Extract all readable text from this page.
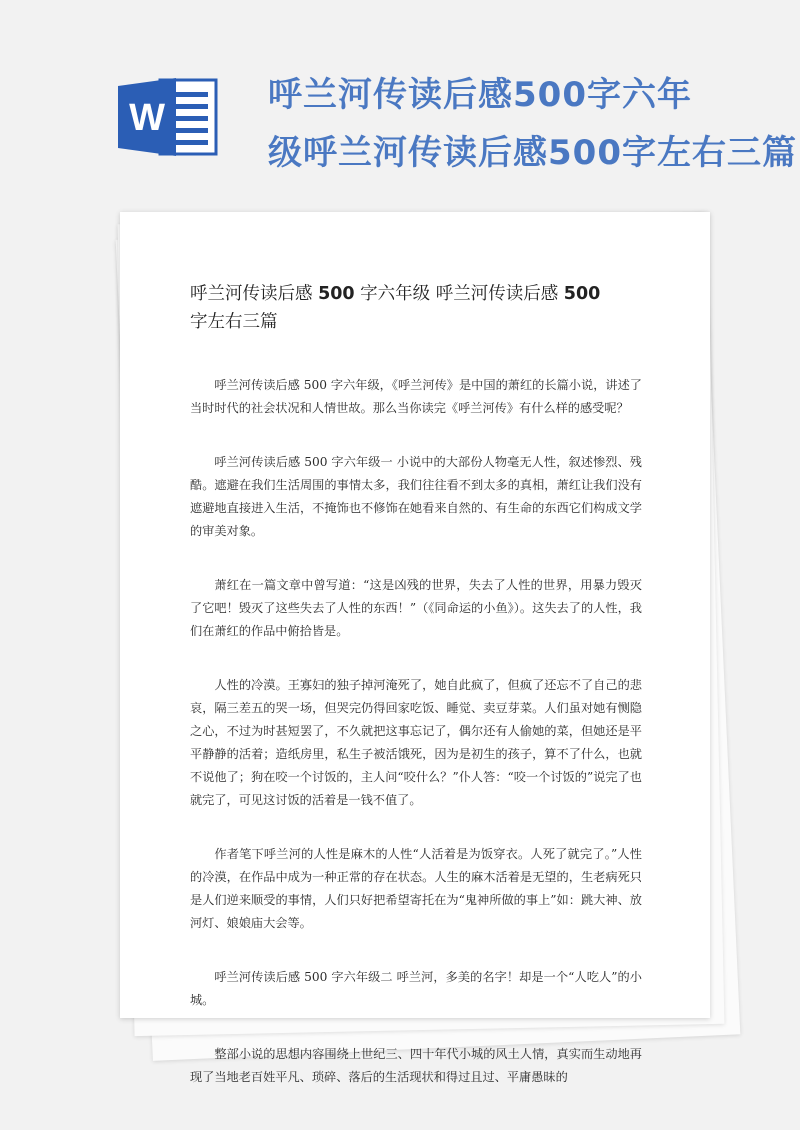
W
呼兰河传读后感500字六年
级呼兰河传读后感500字左右三篇
呼兰河传读后感 500 字六年级 呼兰河传读后感 500
字左右三篇

呼兰河传读后感 500 字六年级，《呼兰河传》是中国的萧红的长篇小说，讲述了当时时代的社会状况和人情世故。那么当你读完《呼兰河传》有什么样的感受呢？

呼兰河传读后感 500 字六年级一 小说中的大部份人物毫无人性，叙述惨烈、残酷。遮避在我们生活周围的事情太多，我们往往看不到太多的真相，萧红让我们没有遮避地直接进入生活，不掩饰也不修饰在她看来自然的、有生命的东西它们构成文学的审美对象。

萧红在一篇文章中曾写道：“这是凶残的世界，失去了人性的世界，用暴力毁灭了它吧！毁灭了这些失去了人性的东西！”（《同命运的小鱼》）。这失去了的人性，我们在萧红的作品中俯拾皆是。

人性的冷漠。王寡妇的独子掉河淹死了，她自此疯了，但疯了还忘不了自己的悲哀，隔三差五的哭一场，但哭完仍得回家吃饭、睡觉、卖豆芽菜。人们虽对她有恻隐之心，不过为时甚短罢了，不久就把这事忘记了，偶尔还有人偷她的菜，但她还是平平静静的活着；造纸房里，私生子被活饿死，因为是初生的孩子，算不了什么，也就不说他了；狗在咬一个讨饭的，主人问“咬什么？”仆人答：“咬一个讨饭的”说完了也就完了，可见这讨饭的活着是一钱不值了。

作者笔下呼兰河的人性是麻木的人性“人活着是为饭穿衣。人死了就完了。”人性的冷漠，在作品中成为一种正常的存在状态。人生的麻木活着是无望的，生老病死只是人们逆来顺受的事情，人们只好把希望寄托在为“鬼神所做的事上”如：跳大神、放河灯、娘娘庙大会等。

呼兰河传读后感 500 字六年级二 呼兰河，多美的名字！却是一个“人吃人”的小城。

整部小说的思想内容围绕上世纪三、四十年代小城的风土人情，真实而生动地再现了当地老百姓平凡、琐碎、落后的生活现状和得过且过、平庸愚昧的
